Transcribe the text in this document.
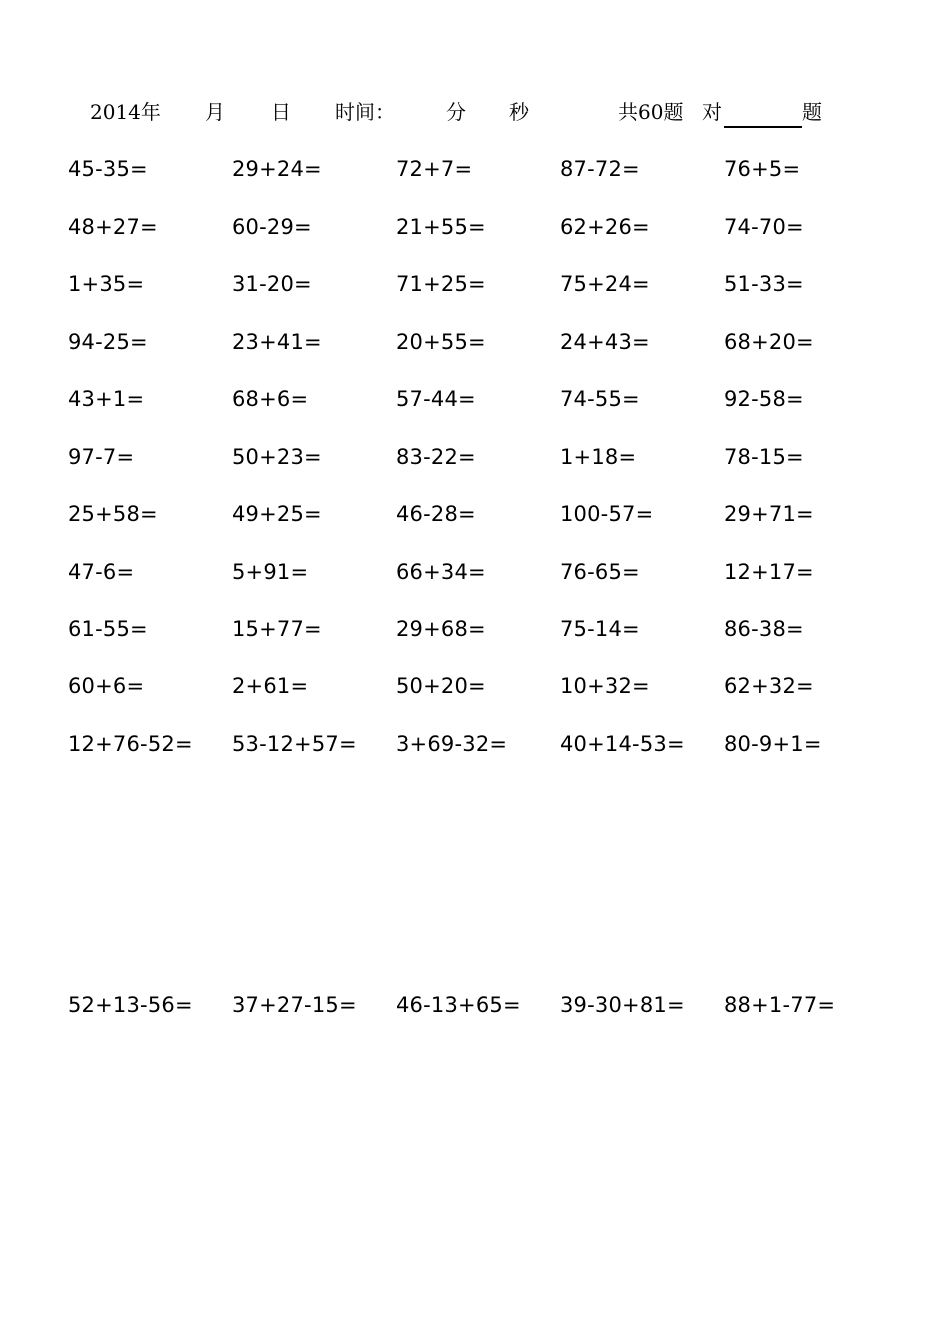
2014年 月 日 时间：	分 秒	共60题 对	题
45-35=	29+24=	72+7=	87-72=	76+5=
48+27=	60-29=	21+55=	62+26=	74-70=
1+35=	31-20=	71+25=	75+24=	51-33=
94-25=	23+41=	20+55=	24+43=	68+20=
43+1=	68+6=	57-44=	74-55=	92-58=
97-7=	50+23=	83-22=	1+18=	78-15=
25+58=	49+25=	46-28=	100-57=	29+71=
47-6=	5+91=	66+34=	76-65=	12+17=
61-55=	15+77=	29+68=	75-14=	86-38=
60+6=	2+61=	50+20=	10+32=	62+32=
12+76-52= 53-12+57= 3+69-32=	40+14-53= 80-9+1=
52+13-56= 37+27-15= 46-13+65= 39-30+81= 88+1-77=
